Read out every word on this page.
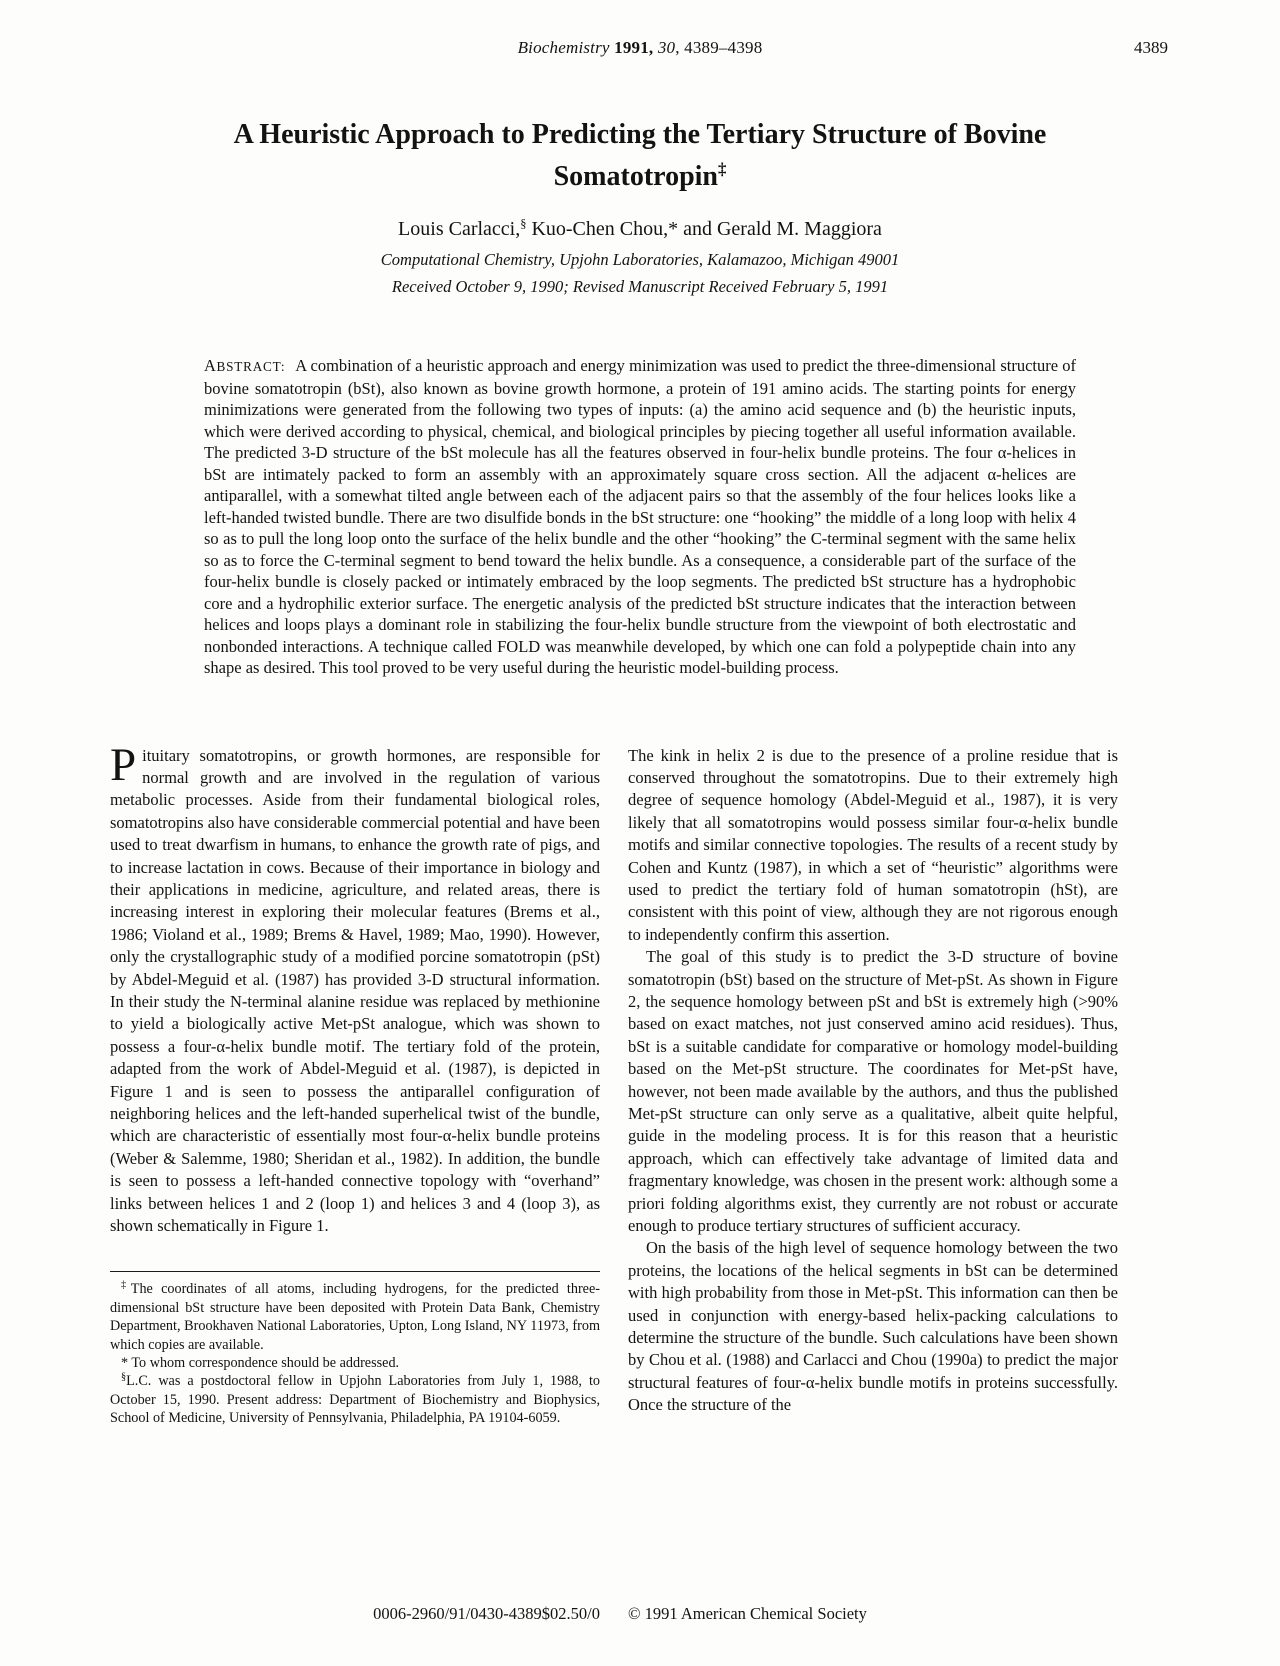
Biochemistry 1991, 30, 4389–4398	4389
A Heuristic Approach to Predicting the Tertiary Structure of Bovine
Somatotropin‡
Louis Carlacci,§ Kuo-Chen Chou,* and Gerald M. Maggiora
Computational Chemistry, Upjohn Laboratories, Kalamazoo, Michigan 49001
Received October 9, 1990; Revised Manuscript Received February 5, 1991
ABSTRACT: A combination of a heuristic approach and energy minimization was used to predict the three-dimensional structure of bovine somatotropin (bSt), also known as bovine growth hormone, a protein of 191 amino acids. The starting points for energy minimizations were generated from the following two types of inputs: (a) the amino acid sequence and (b) the heuristic inputs, which were derived according to physical, chemical, and biological principles by piecing together all useful information available. The predicted 3-D structure of the bSt molecule has all the features observed in four-helix bundle proteins. The four α-helices in bSt are intimately packed to form an assembly with an approximately square cross section. All the adjacent α-helices are antiparallel, with a somewhat tilted angle between each of the adjacent pairs so that the assembly of the four helices looks like a left-handed twisted bundle. There are two disulfide bonds in the bSt structure: one “hooking” the middle of a long loop with helix 4 so as to pull the long loop onto the surface of the helix bundle and the other “hooking” the C-terminal segment with the same helix so as to force the C-terminal segment to bend toward the helix bundle. As a consequence, a considerable part of the surface of the four-helix bundle is closely packed or intimately embraced by the loop segments. The predicted bSt structure has a hydrophobic core and a hydrophilic exterior surface. The energetic analysis of the predicted bSt structure indicates that the interaction between helices and loops plays a dominant role in stabilizing the four-helix bundle structure from the viewpoint of both electrostatic and nonbonded interactions. A technique called FOLD was meanwhile developed, by which one can fold a polypeptide chain into any shape as desired. This tool proved to be very useful during the heuristic model-building process.

Pituitary somatotropins, or growth hormones, are responsible for normal growth and are involved in the regulation of various metabolic processes. Aside from their fundamental biological roles, somatotropins also have considerable commercial potential and have been used to treat dwarfism in humans, to enhance the growth rate of pigs, and to increase lactation in cows. Because of their importance in biology and their applications in medicine, agriculture, and related areas, there is increasing interest in exploring their molecular features (Brems et al., 1986; Violand et al., 1989; Brems & Havel, 1989; Mao, 1990). However, only the crystallographic study of a modified porcine somatotropin (pSt) by Abdel-Meguid et al. (1987) has provided 3-D structural information. In their study the N-terminal alanine residue was replaced by methionine to yield a biologically active Met-pSt analogue, which was shown to possess a four-α-helix bundle motif. The tertiary fold of the protein, adapted from the work of Abdel-Meguid et al. (1987), is depicted in Figure 1 and is seen to possess the antiparallel configuration of neighboring helices and the left-handed superhelical twist of the bundle, which are characteristic of essentially most four-α-helix bundle proteins (Weber & Salemme, 1980; Sheridan et al., 1982). In addition, the bundle is seen to possess a left-handed connective topology with “overhand” links between helices 1 and 2 (loop 1) and helices 3 and 4 (loop 3), as shown schematically in Figure 1.

‡The coordinates of all atoms, including hydrogens, for the predicted three-dimensional bSt structure have been deposited with Protein Data Bank, Chemistry Department, Brookhaven National Laboratories, Upton, Long Island, NY 11973, from which copies are available.

* To whom correspondence should be addressed.

§L.C. was a postdoctoral fellow in Upjohn Laboratories from July 1, 1988, to October 15, 1990. Present address: Department of Biochemistry and Biophysics, School of Medicine, University of Pennsylvania, Philadelphia, PA 19104-6059.

The kink in helix 2 is due to the presence of a proline residue that is conserved throughout the somatotropins. Due to their extremely high degree of sequence homology (Abdel-Meguid et al., 1987), it is very likely that all somatotropins would possess similar four-α-helix bundle motifs and similar connective topologies. The results of a recent study by Cohen and Kuntz (1987), in which a set of “heuristic” algorithms were used to predict the tertiary fold of human somatotropin (hSt), are consistent with this point of view, although they are not rigorous enough to independently confirm this assertion.

The goal of this study is to predict the 3-D structure of bovine somatotropin (bSt) based on the structure of Met-pSt. As shown in Figure 2, the sequence homology between pSt and bSt is extremely high (>90% based on exact matches, not just conserved amino acid residues). Thus, bSt is a suitable candidate for comparative or homology model-building based on the Met-pSt structure. The coordinates for Met-pSt have, however, not been made available by the authors, and thus the published Met-pSt structure can only serve as a qualitative, albeit quite helpful, guide in the modeling process. It is for this reason that a heuristic approach, which can effectively take advantage of limited data and fragmentary knowledge, was chosen in the present work: although some a priori folding algorithms exist, they currently are not robust or accurate enough to produce tertiary structures of sufficient accuracy.

On the basis of the high level of sequence homology between the two proteins, the locations of the helical segments in bSt can be determined with high probability from those in Met-pSt. This information can then be used in conjunction with energy-based helix-packing calculations to determine the structure of the bundle. Such calculations have been shown by Chou et al. (1988) and Carlacci and Chou (1990a) to predict the major structural features of four-α-helix bundle motifs in proteins successfully. Once the structure of the

0006-2960/91/0430-4389$02.50/0 © 1991 American Chemical Society
